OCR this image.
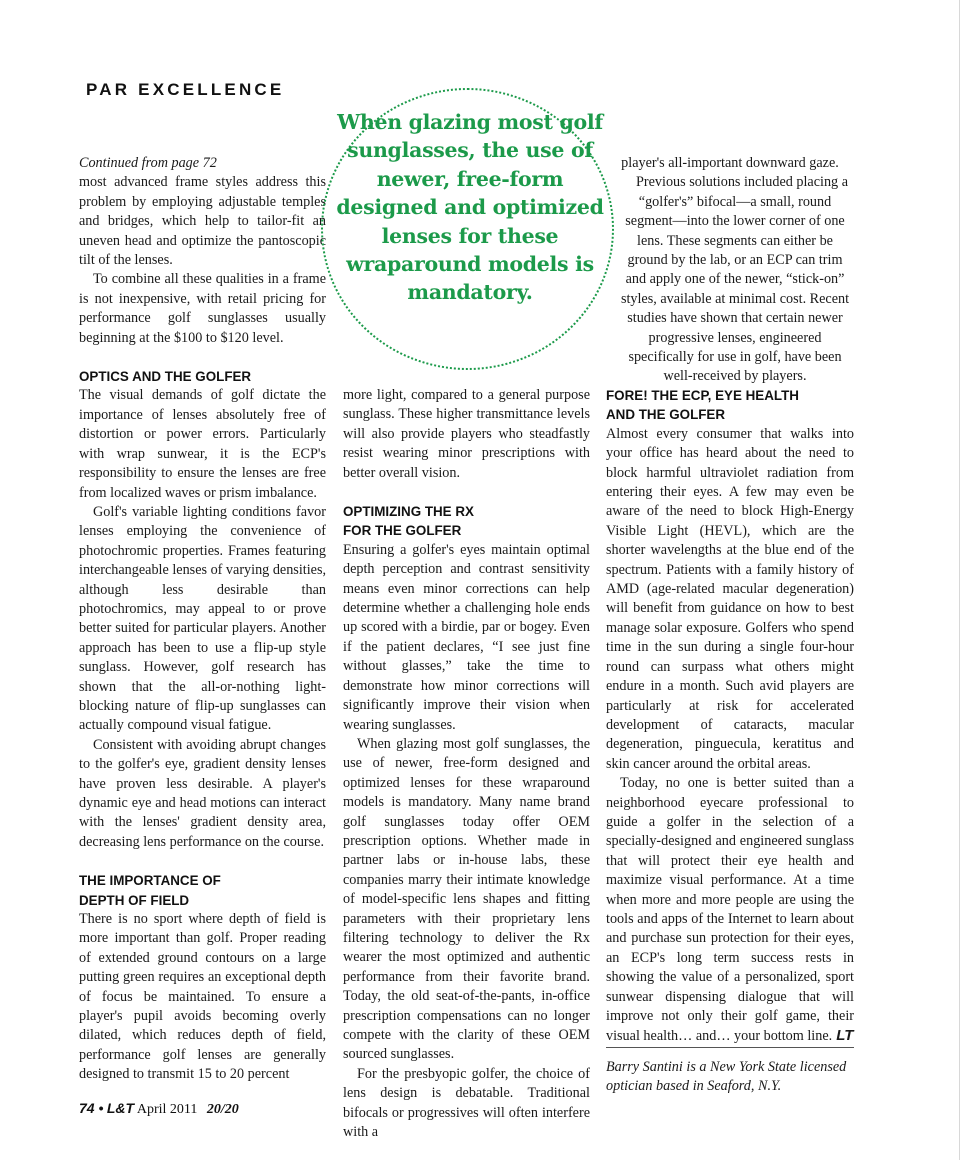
PAR EXCELLENCE

Continued from page 72

most advanced frame styles address this problem by employing adjustable temples and bridges, which help to tailor-fit an uneven head and optimize the pantoscopic tilt of the lenses.

To combine all these qualities in a frame is not inexpensive, with retail pricing for performance golf sunglasses usually beginning at the $100 to $120 level.

OPTICS AND THE GOLFER

The visual demands of golf dictate the importance of lenses absolutely free of distortion or power errors. Particularly with wrap sunwear, it is the ECP's responsibility to ensure the lenses are free from localized waves or prism imbalance.

Golf's variable lighting conditions favor lenses employing the convenience of photochromic properties. Frames featuring interchangeable lenses of varying densities, although less desirable than photochromics, may appeal to or prove better suited for particular players. Another approach has been to use a flip-up style sunglass. However, golf research has shown that the all-or-nothing light-blocking nature of flip-up sunglasses can actually compound visual fatigue.

Consistent with avoiding abrupt changes to the golfer's eye, gradient density lenses have proven less desirable. A player's dynamic eye and head motions can interact with the lenses' gradient density area, decreasing lens performance on the course.

THE IMPORTANCE OF
DEPTH OF FIELD

There is no sport where depth of field is more important than golf. Proper reading of extended ground contours on a large putting green requires an exceptional depth of focus be maintained. To ensure a player's pupil avoids becoming overly dilated, which reduces depth of field, performance golf lenses are generally designed to transmit 15 to 20 percent

When glazing most golf sunglasses, the use of newer, free-form designed and optimized lenses for these wraparound models is mandatory.

more light, compared to a general purpose sunglass. These higher transmittance levels will also provide players who steadfastly resist wearing minor prescriptions with better overall vision.

OPTIMIZING THE RX
FOR THE GOLFER

Ensuring a golfer's eyes maintain optimal depth perception and contrast sensitivity means even minor corrections can help determine whether a challenging hole ends up scored with a birdie, par or bogey. Even if the patient declares, “I see just fine without glasses,” take the time to demonstrate how minor corrections will significantly improve their vision when wearing sunglasses.

When glazing most golf sunglasses, the use of newer, free-form designed and optimized lenses for these wraparound models is mandatory. Many name brand golf sunglasses today offer OEM prescription options. Whether made in partner labs or in-house labs, these companies marry their intimate knowledge of model-specific lens shapes and fitting parameters with their proprietary lens filtering technology to deliver the Rx wearer the most optimized and authentic performance from their favorite brand. Today, the old seat-of-the-pants, in-office prescription compensations can no longer compete with the clarity of these OEM sourced sunglasses.

For the presbyopic golfer, the choice of lens design is debatable. Traditional bifocals or progressives will often interfere with a

player's all-important downward gaze.

Previous solutions included placing a “golfer's” bifocal—a small, round segment—into the lower corner of one lens. These segments can either be ground by the lab, or an ECP can trim and apply one of the newer, “stick-on” styles, available at minimal cost. Recent studies have shown that certain newer progressive lenses, engineered specifically for use in golf, have been well-received by players.

FORE! THE ECP, EYE HEALTH
AND THE GOLFER

Almost every consumer that walks into your office has heard about the need to block harmful ultraviolet radiation from entering their eyes. A few may even be aware of the need to block High-Energy Visible Light (HEVL), which are the shorter wavelengths at the blue end of the spectrum. Patients with a family history of AMD (age-related macular degeneration) will benefit from guidance on how to best manage solar exposure. Golfers who spend time in the sun during a single four-hour round can surpass what others might endure in a month. Such avid players are particularly at risk for accelerated development of cataracts, macular degeneration, pinguecula, keratitus and skin cancer around the orbital areas.

Today, no one is better suited than a neighborhood eyecare professional to guide a golfer in the selection of a specially-designed and engineered sunglass that will protect their eye health and maximize visual performance. At a time when more and more people are using the tools and apps of the Internet to learn about and purchase sun protection for their eyes, an ECP's long term success rests in showing the value of a personalized, sport sunwear dispensing dialogue that will improve not only their golf game, their visual health… and… your bottom line. LT

Barry Santini is a New York State licensed optician based in Seaford, N.Y.
74 • L&T April 2011 20/20
